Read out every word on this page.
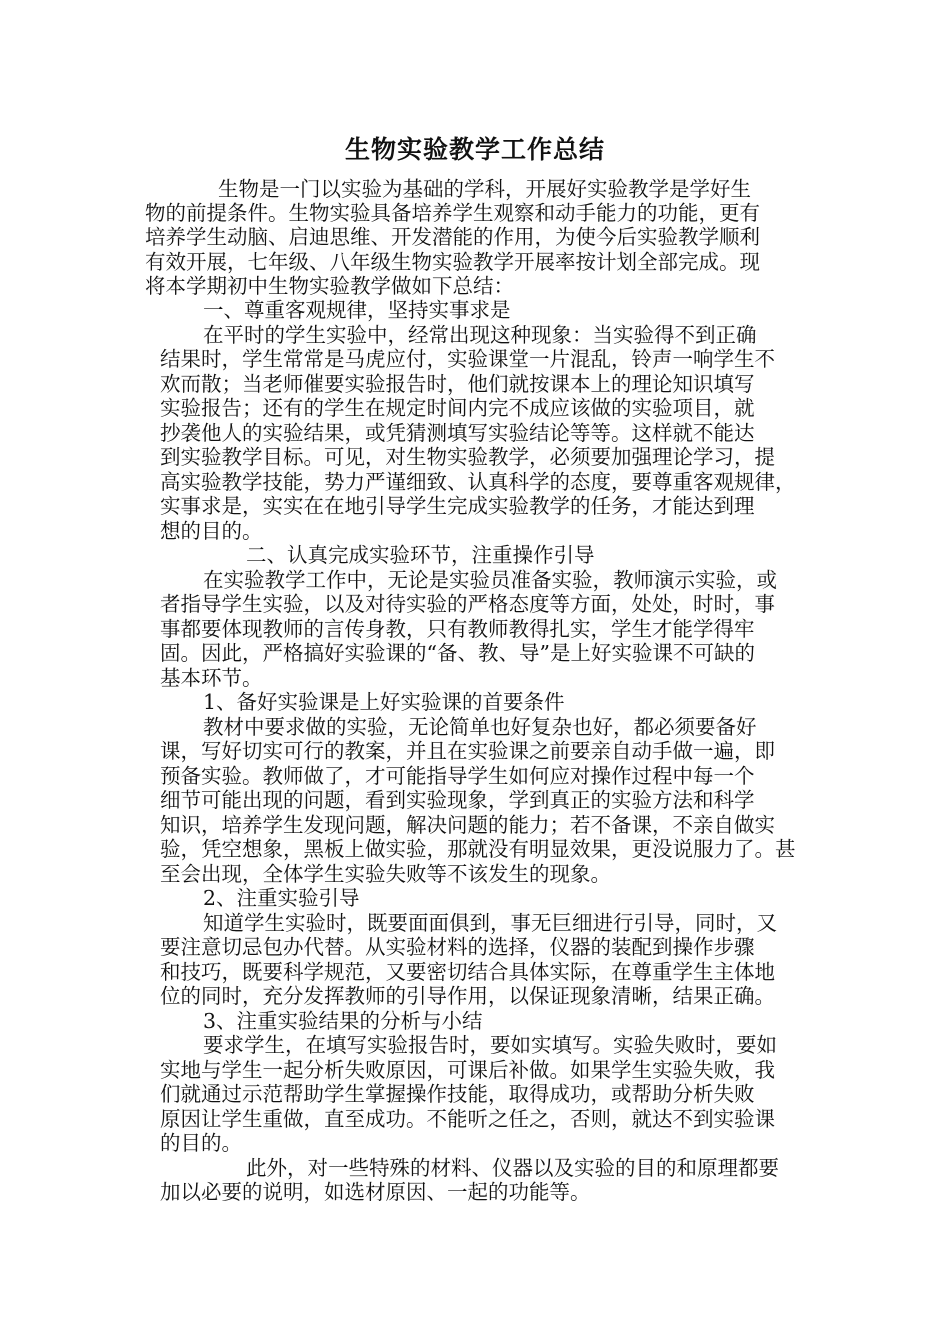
生物实验教学工作总结
生物是一门以实验为基础的学科，开展好实验教学是学好生
物的前提条件。生物实验具备培养学生观察和动手能力的功能，更有
培养学生动脑、启迪思维、开发潜能的作用，为使今后实验教学顺利
有效开展，七年级、八年级生物实验教学开展率按计划全部完成。现
将本学期初中生物实验教学做如下总结：
一、尊重客观规律，坚持实事求是
在平时的学生实验中，经常出现这种现象：当实验得不到正确
结果时，学生常常是马虎应付，实验课堂一片混乱，铃声一响学生不
欢而散；当老师催要实验报告时，他们就按课本上的理论知识填写
实验报告；还有的学生在规定时间内完不成应该做的实验项目，就
抄袭他人的实验结果，或凭猜测填写实验结论等等。这样就不能达
到实验教学目标。可见，对生物实验教学，必须要加强理论学习，提
高实验教学技能，势力严谨细致、认真科学的态度，要尊重客观规律，
实事求是，实实在在地引导学生完成实验教学的任务，才能达到理
想的目的。
二、认真完成实验环节，注重操作引导
在实验教学工作中，无论是实验员准备实验，教师演示实验，或
者指导学生实验，以及对待实验的严格态度等方面，处处，时时，事
事都要体现教师的言传身教，只有教师教得扎实，学生才能学得牢
固。因此，严格搞好实验课的“备、教、导”是上好实验课不可缺的
基本环节。
1、备好实验课是上好实验课的首要条件
教材中要求做的实验，无论简单也好复杂也好，都必须要备好
课，写好切实可行的教案，并且在实验课之前要亲自动手做一遍，即
预备实验。教师做了，才可能指导学生如何应对操作过程中每一个
细节可能出现的问题，看到实验现象，学到真正的实验方法和科学
知识，培养学生发现问题，解决问题的能力；若不备课，不亲自做实
验，凭空想象，黑板上做实验，那就没有明显效果，更没说服力了。甚
至会出现，全体学生实验失败等不该发生的现象。
2、注重实验引导
知道学生实验时，既要面面俱到，事无巨细进行引导，同时，又
要注意切忌包办代替。从实验材料的选择，仪器的装配到操作步骤
和技巧，既要科学规范，又要密切结合具体实际，在尊重学生主体地
位的同时，充分发挥教师的引导作用，以保证现象清晰，结果正确。
3、注重实验结果的分析与小结
要求学生，在填写实验报告时，要如实填写。实验失败时，要如
实地与学生一起分析失败原因，可课后补做。如果学生实验失败，我
们就通过示范帮助学生掌握操作技能，取得成功，或帮助分析失败
原因让学生重做，直至成功。不能听之任之，否则，就达不到实验课
的目的。
此外，对一些特殊的材料、仪器以及实验的目的和原理都要
加以必要的说明，如选材原因、一起的功能等。
